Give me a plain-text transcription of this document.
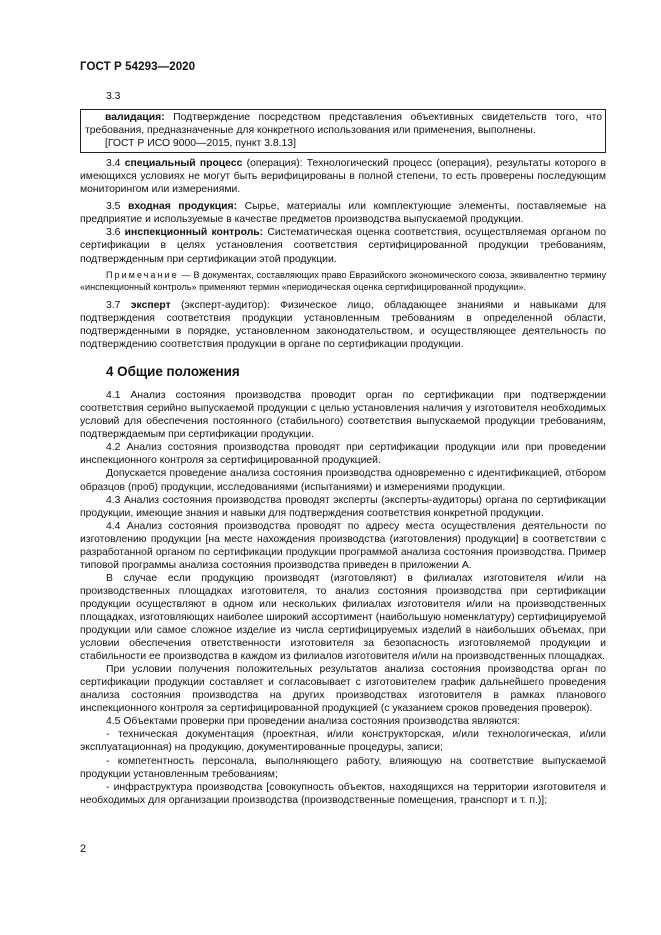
ГОСТ Р 54293—2020
3.3

валидация: Подтверждение посредством представления объективных свидетельств того, что требования, предназначенные для конкретного использования или применения, выполнены.

[ГОСТ Р ИСО 9000—2015, пункт 3.8.13]

3.4 специальный процесс (операция): Технологический процесс (операция), результаты которого в имеющихся условиях не могут быть верифицированы в полной степени, то есть проверены последующим мониторингом или измерениями.

3.5 входная продукция: Сырье, материалы или комплектующие элементы, поставляемые на предприятие и используемые в качестве предметов производства выпускаемой продукции.

3.6 инспекционный контроль: Систематическая оценка соответствия, осуществляемая органом по сертификации в целях установления соответствия сертифицированной продукции требованиям, подтвержденным при сертификации этой продукции.

Примечание — В документах, составляющих право Евразийского экономического союза, эквивалентно термину «инспекционный контроль» применяют термин «периодическая оценка сертифицированной продукции».

3.7 эксперт (эксперт-аудитор): Физическое лицо, обладающее знаниями и навыками для подтверждения соответствия продукции установленным требованиям в определенной области, подтвержденными в порядке, установленном законодательством, и осуществляющее деятельность по подтверждению соответствия продукции в органе по сертификации продукции.

4 Общие положения

4.1 Анализ состояния производства проводит орган по сертификации при подтверждении соответствия серийно выпускаемой продукции с целью установления наличия у изготовителя необходимых условий для обеспечения постоянного (стабильного) соответствия выпускаемой продукции требованиям, подтверждаемым при сертификации продукции.

4.2 Анализ состояния производства проводят при сертификации продукции или при проведении инспекционного контроля за сертифицированной продукцией.

Допускается проведение анализа состояния производства одновременно с идентификацией, отбором образцов (проб) продукции, исследованиями (испытаниями) и измерениями продукции.

4.3 Анализ состояния производства проводят эксперты (эксперты-аудиторы) органа по сертификации продукции, имеющие знания и навыки для подтверждения соответствия конкретной продукции.

4.4 Анализ состояния производства проводят по адресу места осуществления деятельности по изготовлению продукции [на месте нахождения производства (изготовления) продукции] в соответствии с разработанной органом по сертификации продукции программой анализа состояния производства. Пример типовой программы анализа состояния производства приведен в приложении А.

В случае если продукцию производят (изготовляют) в филиалах изготовителя и/или на производственных площадках изготовителя, то анализ состояния производства при сертификации продукции осуществляют в одном или нескольких филиалах изготовителя и/или на производственных площадках, изготовляющих наиболее широкий ассортимент (наибольшую номенклатуру) сертифицируемой продукции или самое сложное изделие из числа сертифицируемых изделий в наибольших объемах, при условии обеспечения ответственности изготовителя за безопасность изготовляемой продукции и стабильности ее производства в каждом из филиалов изготовителя и/или на производственных площадках.

При условии получения положительных результатов анализа состояния производства орган по сертификации продукции составляет и согласовывает с изготовителем график дальнейшего проведения анализа состояния производства на других производствах изготовителя в рамках планового инспекционного контроля за сертифицированной продукцией (с указанием сроков проведения проверок).

4.5 Объектами проверки при проведении анализа состояния производства являются:

- техническая документация (проектная, и/или конструкторская, и/или технологическая, и/или эксплуатационная) на продукцию, документированные процедуры, записи;

- компетентность персонала, выполняющего работу, влияющую на соответствие выпускаемой продукции установленным требованиям;

- инфраструктура производства [совокупность объектов, находящихся на территории изготовителя и необходимых для организации производства (производственные помещения, транспорт и т. п.)];

2
